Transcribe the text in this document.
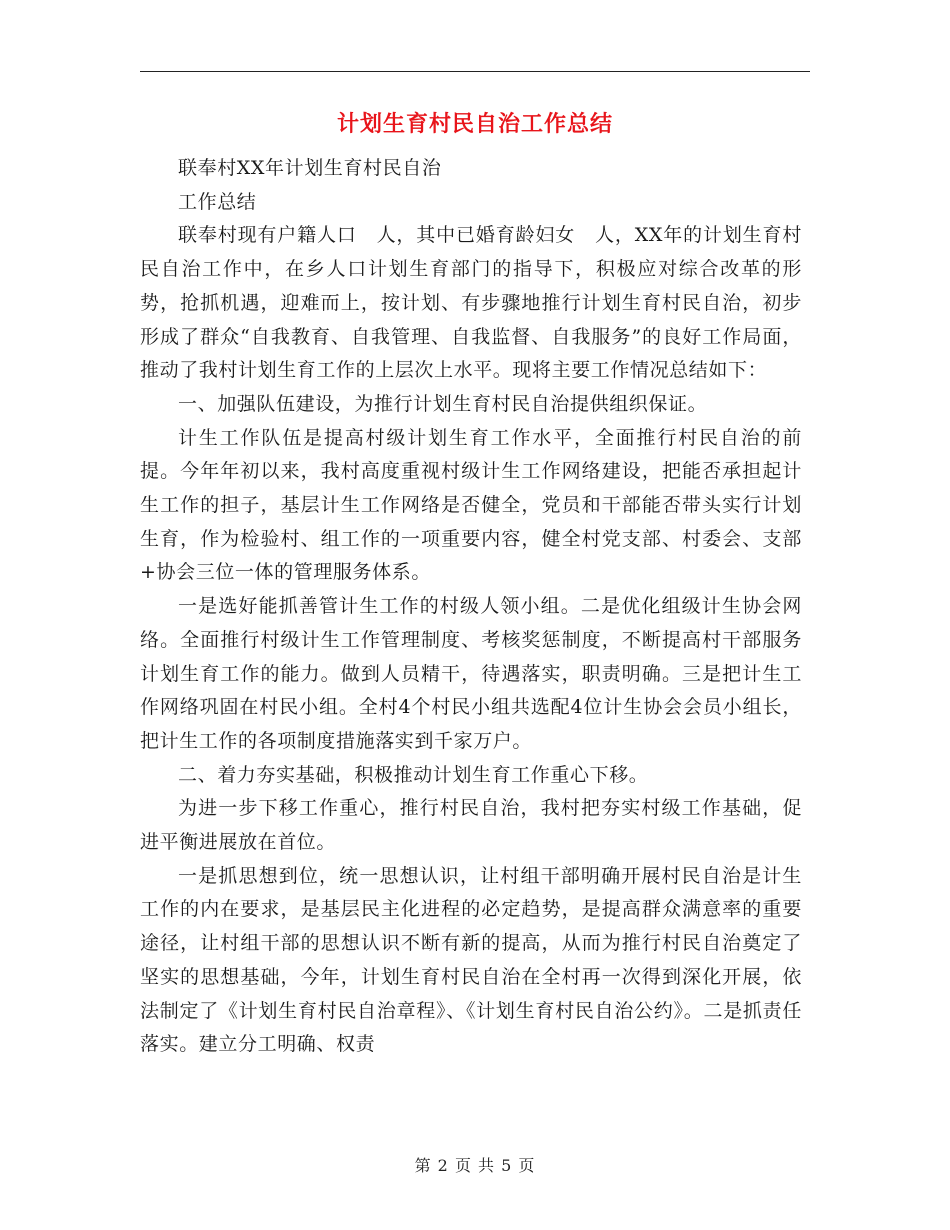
计划生育村民自治工作总结

联奉村XX年计划生育村民自治

工作总结

联奉村现有户籍人口　人，其中已婚育龄妇女　人，XX年的计划生育村民自治工作中，在乡人口计划生育部门的指导下，积极应对综合改革的形势，抢抓机遇，迎难而上，按计划、有步骤地推行计划生育村民自治，初步形成了群众“自我教育、自我管理、自我监督、自我服务”的良好工作局面，推动了我村计划生育工作的上层次上水平。现将主要工作情况总结如下：

一、加强队伍建设，为推行计划生育村民自治提供组织保证。

计生工作队伍是提高村级计划生育工作水平，全面推行村民自治的前提。今年年初以来，我村高度重视村级计生工作网络建设，把能否承担起计生工作的担子，基层计生工作网络是否健全，党员和干部能否带头实行计划生育，作为检验村、组工作的一项重要内容，健全村党支部、村委会、支部+协会三位一体的管理服务体系。

一是选好能抓善管计生工作的村级人领小组。二是优化组级计生协会网络。全面推行村级计生工作管理制度、考核奖惩制度，不断提高村干部服务计划生育工作的能力。做到人员精干，待遇落实，职责明确。三是把计生工作网络巩固在村民小组。全村4个村民小组共选配4位计生协会会员小组长，把计生工作的各项制度措施落实到千家万户。

二、着力夯实基础，积极推动计划生育工作重心下移。

为进一步下移工作重心，推行村民自治，我村把夯实村级工作基础，促进平衡进展放在首位。

一是抓思想到位，统一思想认识，让村组干部明确开展村民自治是计生工作的内在要求，是基层民主化进程的必定趋势，是提高群众满意率的重要途径，让村组干部的思想认识不断有新的提高，从而为推行村民自治奠定了坚实的思想基础，今年，计划生育村民自治在全村再一次得到深化开展，依法制定了《计划生育村民自治章程》、《计划生育村民自治公约》。二是抓责任落实。建立分工明确、权责

第 2 页 共 5 页
